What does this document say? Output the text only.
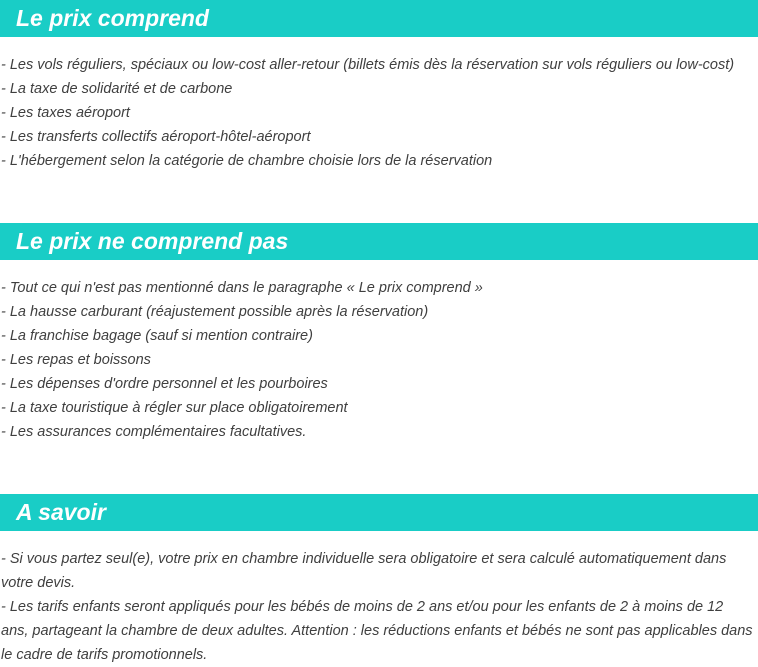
Le prix comprend
- Les vols réguliers, spéciaux ou low-cost aller-retour (billets émis dès la réservation sur vols réguliers ou low-cost)
- La taxe de solidarité et de carbone
- Les taxes aéroport
- Les transferts collectifs aéroport-hôtel-aéroport
- L'hébergement selon la catégorie de chambre choisie lors de la réservation
Le prix ne comprend pas
- Tout ce qui n'est pas mentionné dans le paragraphe « Le prix comprend »
- La hausse carburant (réajustement possible après la réservation)
- La franchise bagage (sauf si mention contraire)
- Les repas et boissons
- Les dépenses d'ordre personnel et les pourboires
- La taxe touristique à régler sur place obligatoirement
- Les assurances complémentaires facultatives.
A savoir
- Si vous partez seul(e), votre prix en chambre individuelle sera obligatoire et sera calculé automatiquement dans votre devis.
- Les tarifs enfants seront appliqués pour les bébés de moins de 2 ans et/ou pour les enfants de 2 à moins de 12 ans, partageant la chambre de deux adultes. Attention : les réductions enfants et bébés ne sont pas applicables dans le cadre de tarifs promotionnels.
